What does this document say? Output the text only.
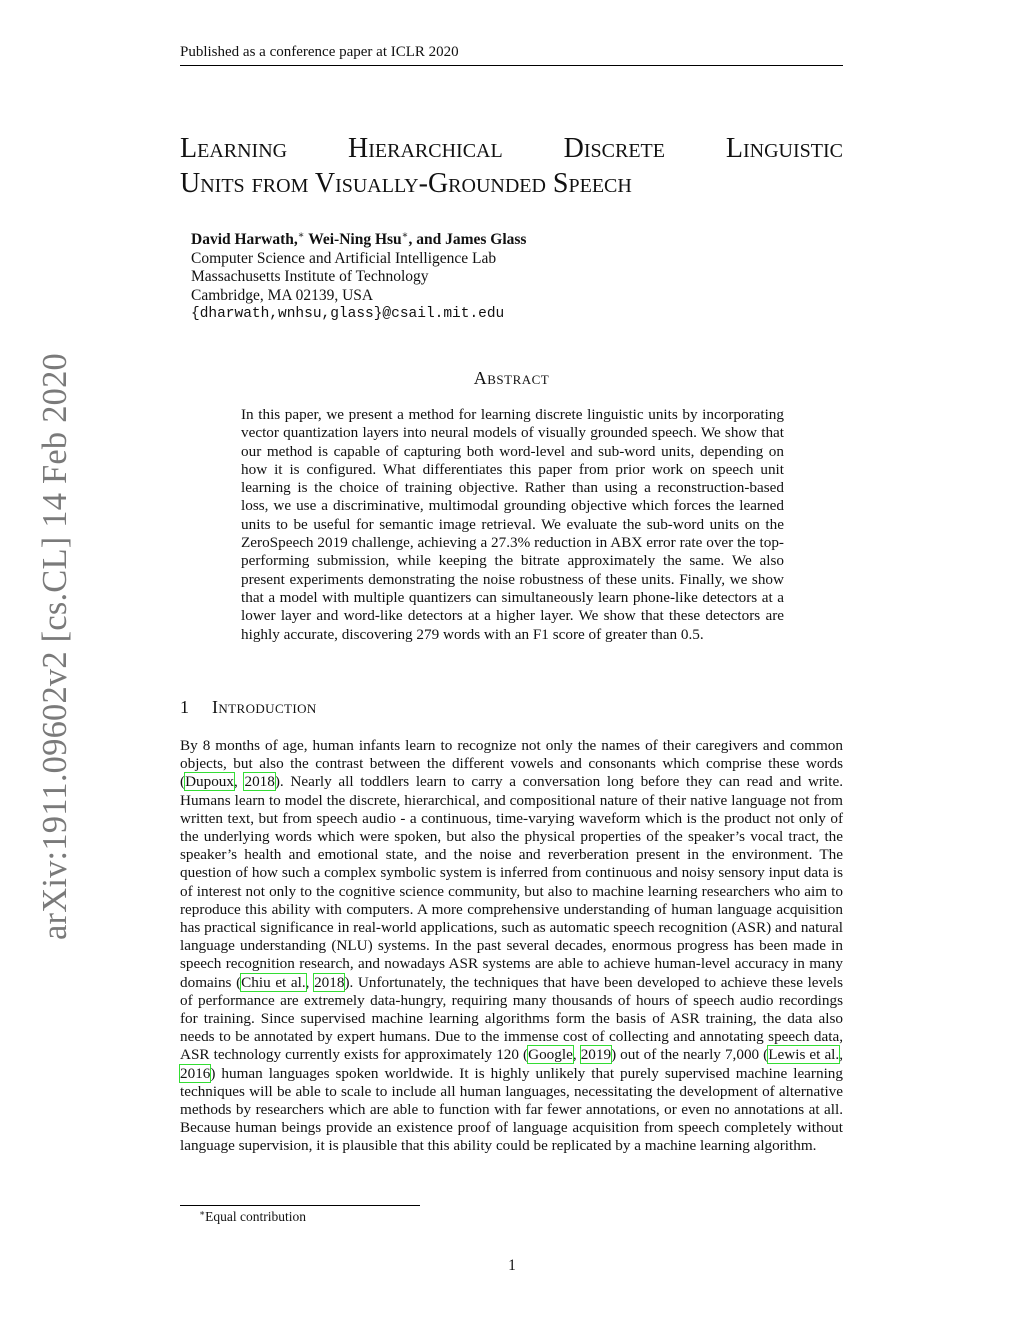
Published as a conference paper at ICLR 2020
Learning Hierarchical Discrete Linguistic
Units from Visually-Grounded Speech
David Harwath,∗ Wei-Ning Hsu∗, and James Glass
Computer Science and Artificial Intelligence Lab
Massachusetts Institute of Technology
Cambridge, MA 02139, USA
{dharwath,wnhsu,glass}@csail.mit.edu
arXiv:1911.09602v2 [cs.CL] 14 Feb 2020	Abstract

In this paper, we present a method for learning discrete linguistic units by incorporating vector quantization layers into neural models of visually grounded speech. We show that our method is capable of capturing both word-level and sub-word units, depending on how it is configured. What differentiates this paper from prior work on speech unit learning is the choice of training objective. Rather than using a reconstruction-based loss, we use a discriminative, multimodal grounding objective which forces the learned units to be useful for semantic image retrieval. We evaluate the sub-word units on the ZeroSpeech 2019 challenge, achieving a 27.3% reduction in ABX error rate over the top-performing submission, while keeping the bitrate approximately the same. We also present experiments demonstrating the noise robustness of these units. Finally, we show that a model with multiple quantizers can simultaneously learn phone-like detectors at a lower layer and word-like detectors at a higher layer. We show that these detectors are highly accurate, discovering 279 words with an F1 score of greater than 0.5.

1 Introduction

By 8 months of age, human infants learn to recognize not only the names of their caregivers and common objects, but also the contrast between the different vowels and consonants which comprise these words (Dupoux, 2018). Nearly all toddlers learn to carry a conversation long before they can read and write. Humans learn to model the discrete, hierarchical, and compositional nature of their native language not from written text, but from speech audio - a continuous, time-varying waveform which is the product not only of the underlying words which were spoken, but also the physical properties of the speaker’s vocal tract, the speaker’s health and emotional state, and the noise and reverberation present in the environment. The question of how such a complex symbolic system is inferred from continuous and noisy sensory input data is of interest not only to the cognitive science community, but also to machine learning researchers who aim to reproduce this ability with computers. A more comprehensive understanding of human language acquisition has practical significance in real-world applications, such as automatic speech recognition (ASR) and natural language understanding (NLU) systems. In the past several decades, enormous progress has been made in speech recognition research, and nowadays ASR systems are able to achieve human-level accuracy in many domains (Chiu et al., 2018). Unfortunately, the techniques that have been developed to achieve these levels of performance are extremely data-hungry, requiring many thousands of hours of speech audio recordings for training. Since supervised machine learning algorithms form the basis of ASR training, the data also needs to be annotated by expert humans. Due to the immense cost of collecting and annotating speech data, ASR technology currently exists for approximately 120 (Google, 2019) out of the nearly 7,000 (Lewis et al., 2016) human languages spoken worldwide. It is highly unlikely that purely supervised machine learning techniques will be able to scale to include all human languages, necessitating the development of alternative methods by researchers which are able to function with far fewer annotations, or even no annotations at all. Because human beings provide an existence proof of language acquisition from speech completely without language supervision, it is plausible that this ability could be replicated by a machine learning algorithm.

∗Equal contribution
1
